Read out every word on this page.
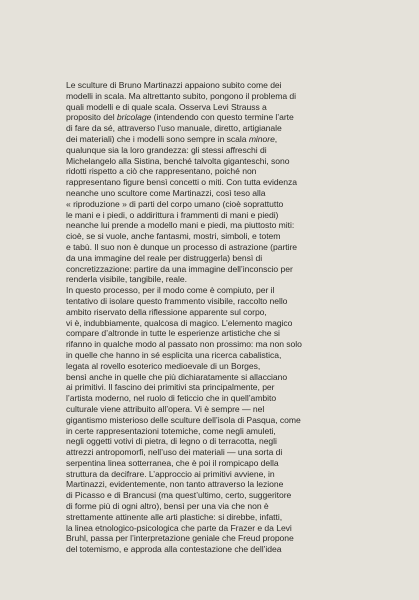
Le sculture di Bruno Martinazzi appaiono subito come dei
modelli in scala. Ma altrettanto subito, pongono il problema di
quali modelli e di quale scala. Osserva Levi Strauss a
proposito del bricolage (intendendo con questo termine l’arte
di fare da sé, attraverso l’uso manuale, diretto, artigianale
dei materiali) che i modelli sono sempre in scala minore,
qualunque sia la loro grandezza: gli stessi affreschi di
Michelangelo alla Sistina, benché talvolta giganteschi, sono
ridotti rispetto a ciò che rappresentano, poiché non
rappresentano figure bensì concetti o miti. Con tutta evidenza
neanche uno scultore come Martinazzi, così teso alla
« riproduzione » di parti del corpo umano (cioè soprattutto
le mani e i piedi, o addirittura i frammenti di mani e piedi)
neanche lui prende a modello mani e piedi, ma piuttosto miti:
cioè, se si vuole, anche fantasmi, mostri, simboli, e totem
e tabù. Il suo non è dunque un processo di astrazione (partire
da una immagine del reale per distruggerla) bensì di
concretizzazione: partire da una immagine dell’inconscio per
renderla visibile, tangibile, reale.
In questo processo, per il modo come è compiuto, per il
tentativo di isolare questo frammento visibile, raccolto nello
ambito riservato della riflessione apparente sul corpo,
vi è, indubbiamente, qualcosa di magico. L’elemento magico
compare d’altronde in tutte le esperienze artistiche che si
rifanno in qualche modo al passato non prossimo: ma non solo
in quelle che hanno in sé esplicita una ricerca cabalistica,
legata al rovello esoterico medioevale di un Borges,
bensì anche in quelle che più dichiaratamente si allacciano
ai primitivi. Il fascino dei primitivi sta principalmente, per
l’artista moderno, nel ruolo di feticcio che in quell’ambito
culturale viene attribuito all’opera. Vi è sempre — nel
gigantismo misterioso delle sculture dell’isola di Pasqua, come
in certe rappresentazioni totemiche, come negli amuleti,
negli oggetti votivi di pietra, di legno o di terracotta, negli
attrezzi antropomorfi, nell’uso dei materiali — una sorta di
serpentina linea sotterranea, che è poi il rompicapo della
struttura da decifrare. L’approccio ai primitivi avviene, in
Martinazzi, evidentemente, non tanto attraverso la lezione
di Picasso e di Brancusi (ma quest’ultimo, certo, suggeritore
di forme più di ogni altro), bensì per una via che non è
strettamente attinente alle arti plastiche: si direbbe, infatti,
la linea etnologico-psicologica che parte da Frazer e da Levi
Bruhl, passa per l’interpretazione geniale che Freud propone
del totemismo, e approda alla contestazione che dell’idea
